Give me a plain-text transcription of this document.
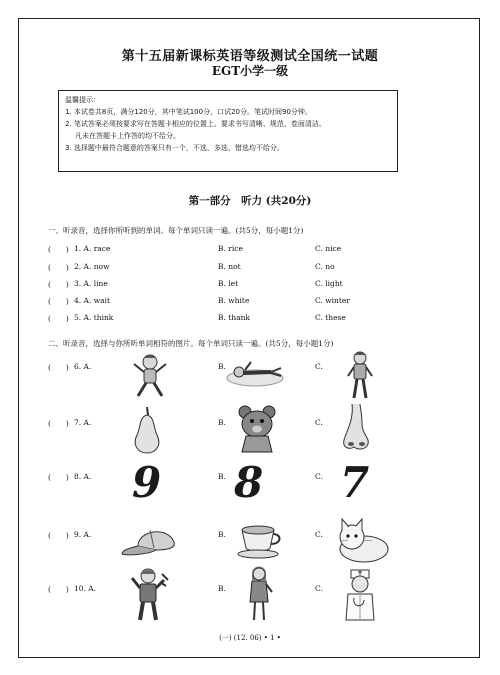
第十五届新课标英语等级测试全国统一试题
EGT小学一级
温馨提示：
1. 本试卷共8页，满分120分，其中笔试100分，口试20分。笔试时间90分钟。
2. 笔试答案必须按要求写在答题卡相应的位置上。要求书写清晰、规范、卷面清洁。
凡未在答题卡上作答的均不给分。
3. 选择题中最符合题意的答案只有一个，不选、多选、错选均不给分。
第一部分　听力 (共20分)
一、听录音，选择你所听到的单词。每个单词只读一遍。(共5分，每小题1分)
(　　) 1. A. race	B. rice	C. nice
(　　) 2. A. now	B. not	C. no
(　　) 3. A. line	B. let	C. light
(　　) 4. A. wait	B. white	C. winter
(　　) 5. A. think	B. thank	C. these
二、听录音，选择与你所听单词相符的图片。每个单词只读一遍。(共5分，每小题1分)
(　　) 6. A.	B.	C.
(　　) 7. A.	B.	C.
(　　) 8. A.	B.	C.
9 8 7
(　　) 9. A.	B.	C.
(　　) 10. A.	B.	C.
(一) (12. 06) • 1 •
